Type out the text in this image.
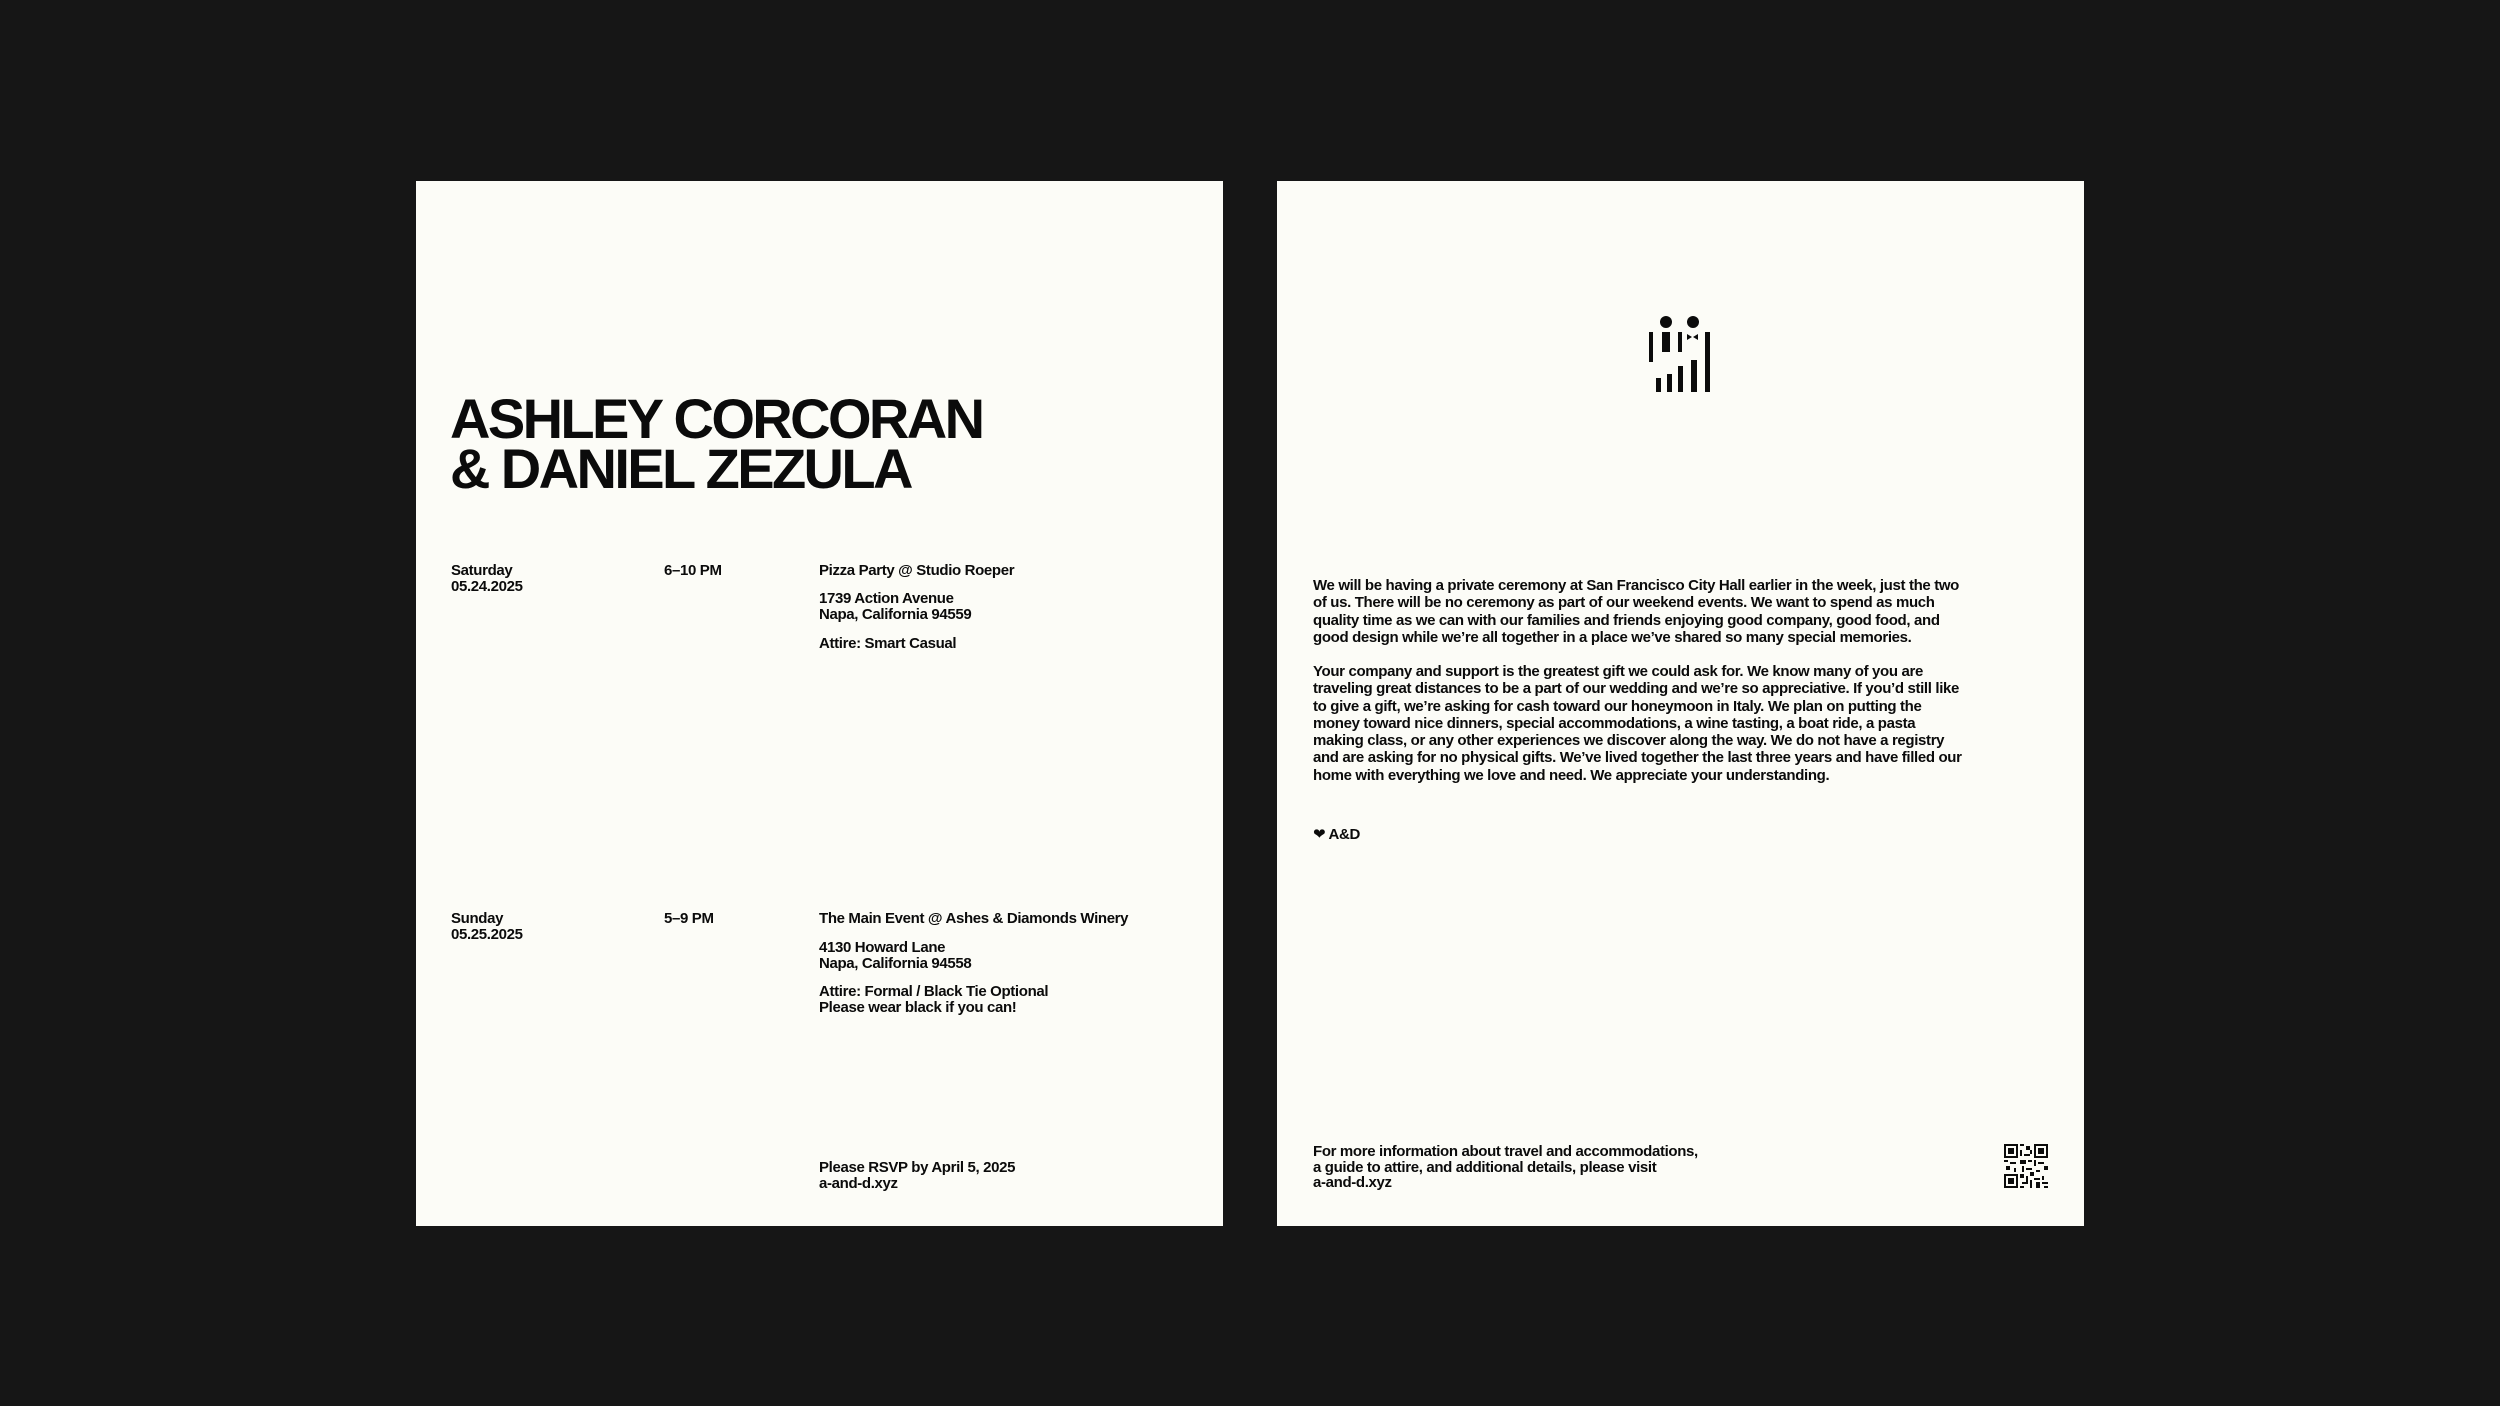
ASHLEY CORCORAN
& DANIEL ZEZULA
Saturday
05.24.2025
6–10 PM	Pizza Party @ Studio Roeper
1739 Action Avenue
Napa, California 94559
Attire: Smart Casual
Sunday
05.25.2025
5–9 PM	The Main Event @ Ashes & Diamonds Winery
4130 Howard Lane
Napa, California 94558
Attire: Formal / Black Tie Optional
Please wear black if you can!
Please RSVP by April 5, 2025
a-and-d.xyz

We will be having a private ceremony at San Francisco City Hall earlier in the week, just the two of us. There will be no ceremony as part of our weekend events. We want to spend as much quality time as we can with our families and friends enjoying good company, good food, and good design while we’re all together in a place we’ve shared so many special memories.

Your company and support is the greatest gift we could ask for. We know many of you are traveling great distances to be a part of our wedding and we’re so appreciative. If you’d still like to give a gift, we’re asking for cash toward our honeymoon in Italy. We plan on putting the money toward nice dinners, special accommodations, a wine tasting, a boat ride, a pasta making class, or any other experiences we discover along the way. We do not have a registry and are asking for no physical gifts. We’ve lived together the last three years and have filled our home with everything we love and need. We appreciate your understanding.

❤ A&D
For more information about travel and accommodations,
a guide to attire, and additional details, please visit
a-and-d.xyz
